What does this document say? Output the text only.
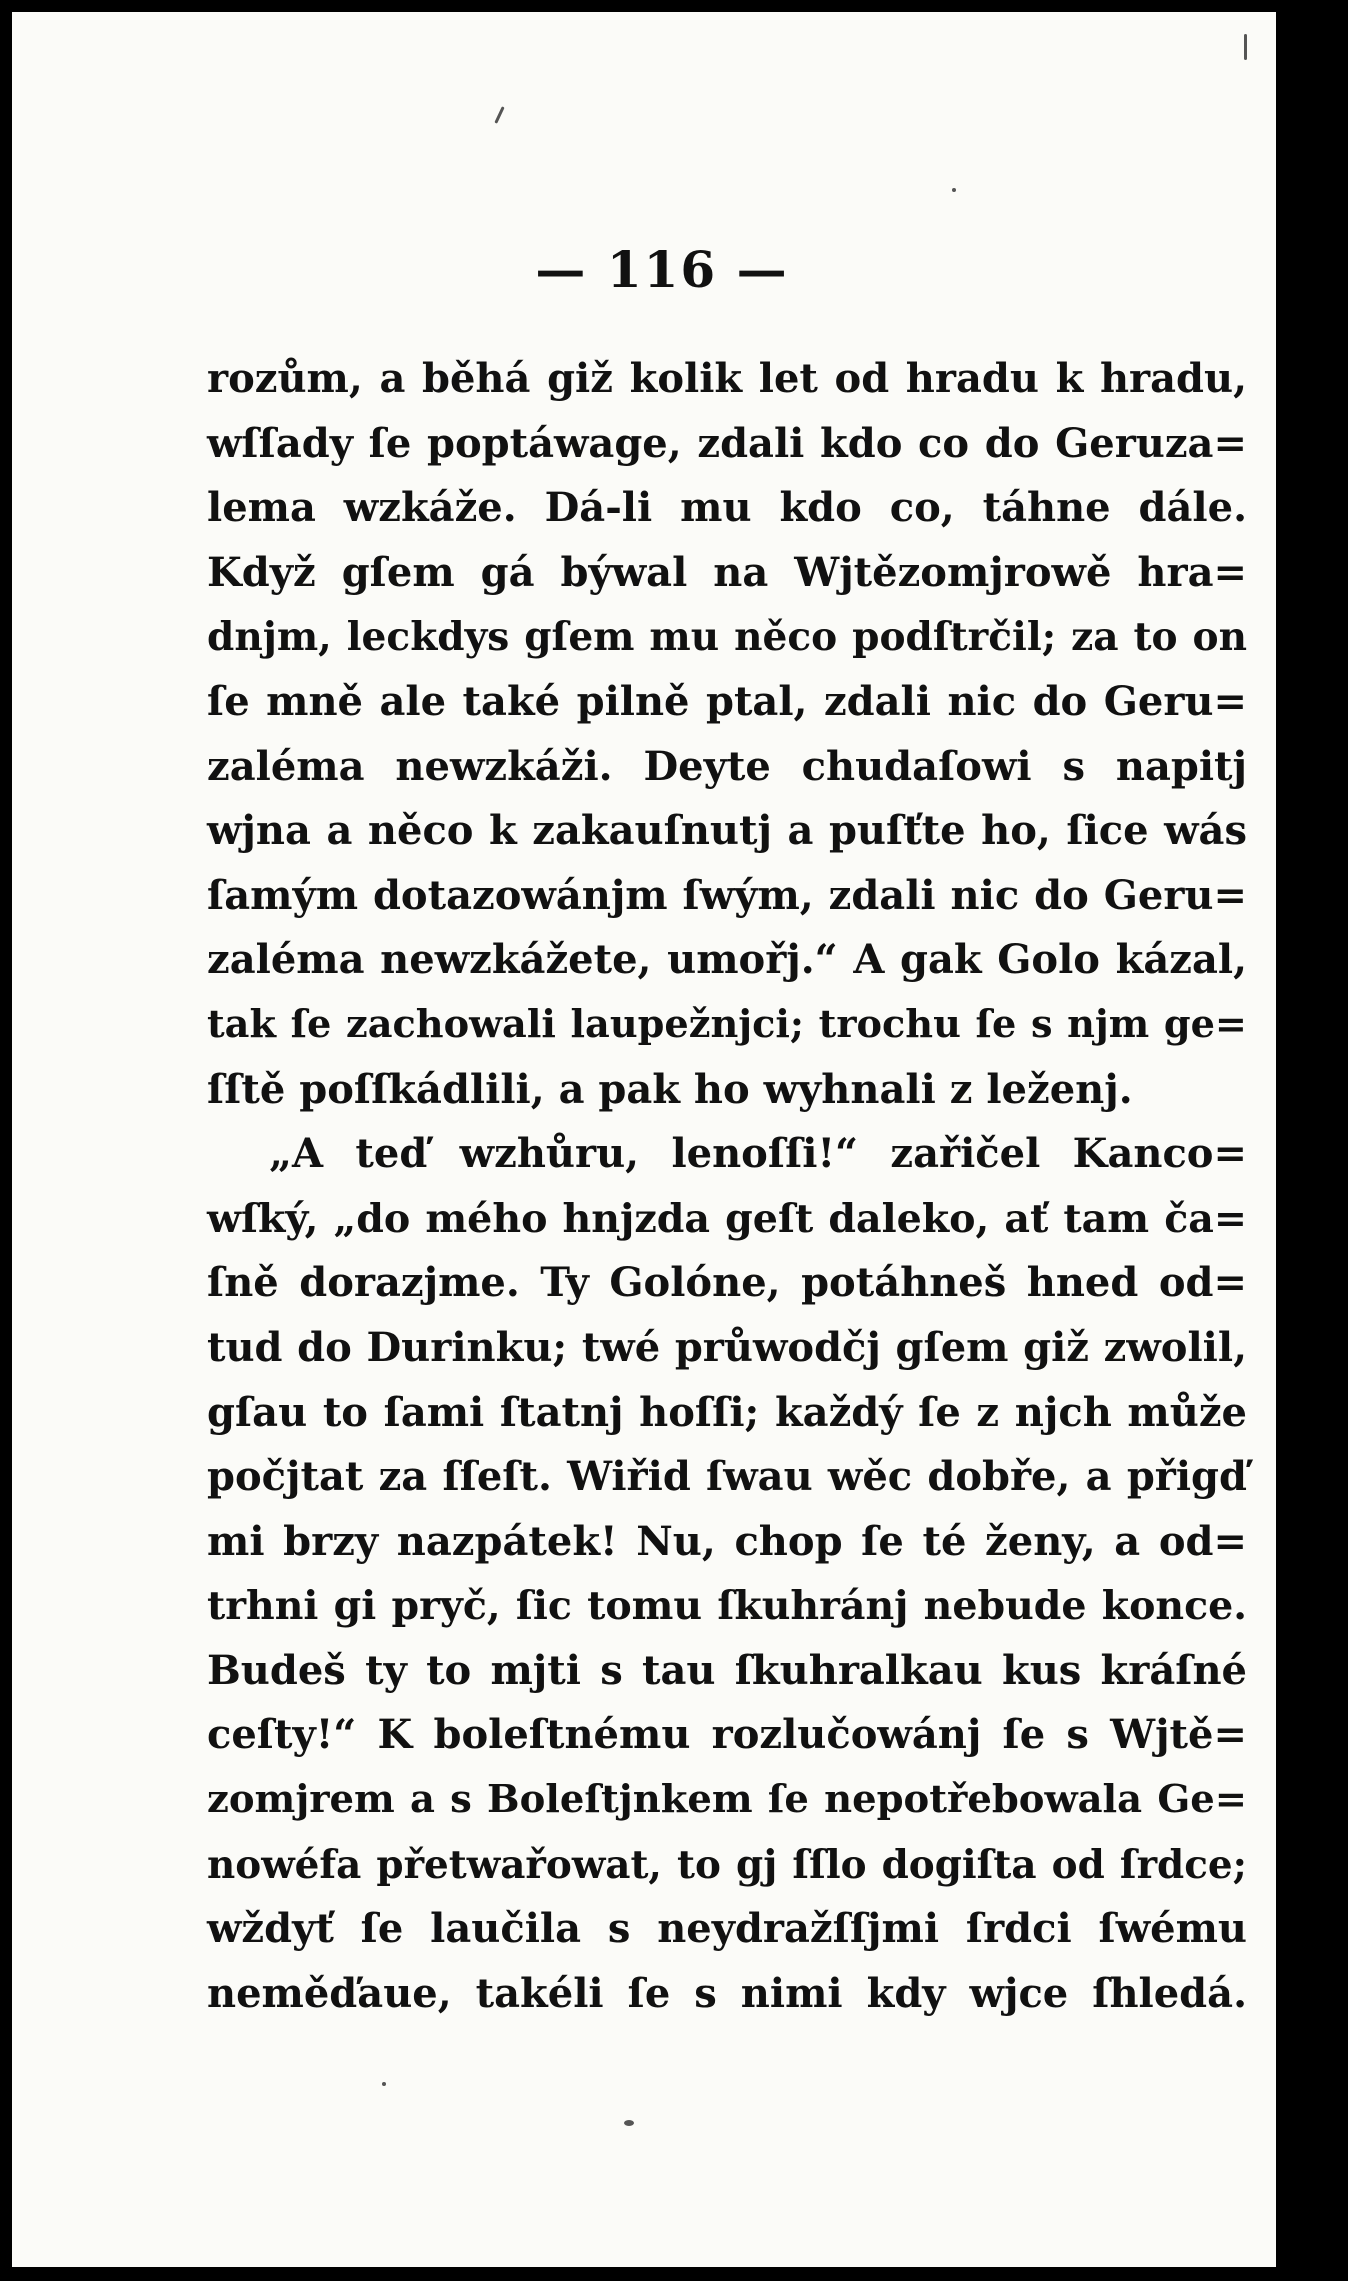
— 116 —
rozům, a běhá giž kolik let od hradu k hradu,
wſſady ſe poptáwage, zdali kdo co do Geruza=
lema wzkáže. Dá-li mu kdo co, táhne dále.
Když gſem gá býwal na Wjtězomjrowě hra=
dnjm, leckdys gſem mu něco podſtrčil; za to on
ſe mně ale také pilně ptal, zdali nic do Geru=
zaléma newzkáži. Deyte chudaſowi s napitj
wjna a něco k zakauſnutj a puſťte ho, ſice wás
ſamým dotazowánjm ſwým, zdali nic do Geru=
zaléma newzkážete, umořj.“ A gak Golo kázal,
tak ſe zachowali laupežnjci; trochu ſe s njm ge=
ſſtě poſſkádlili, a pak ho wyhnali z leženj.
„A teď wzhůru, lenoſſi!“ zařičel Kanco=
wſký, „do mého hnjzda geſt daleko, ať tam ča=
ſně dorazjme. Ty Golóne, potáhneš hned od=
tud do Durinku; twé průwodčj gſem giž zwolil,
gſau to ſami ſtatnj hoſſi; každý ſe z njch může
počjtat za ſſeſt. Wiřid ſwau wěc dobře, a přigď
mi brzy nazpátek! Nu, chop ſe té ženy, a od=
trhni gi pryč, ſic tomu ſkuhránj nebude konce.
Budeš ty to mjti s tau ſkuhralkau kus kráſné
ceſty!“ K boleſtnému rozlučowánj ſe s Wjtě=
zomjrem a s Boleſtjnkem ſe nepotřebowala Ge=
nowéfa přetwařowat, to gj ſſlo dogiſta od ſrdce;
wždyť ſe laučila s neydražſſjmi ſrdci ſwému
neměďaue, takéli ſe s nimi kdy wjce ſhledá.
